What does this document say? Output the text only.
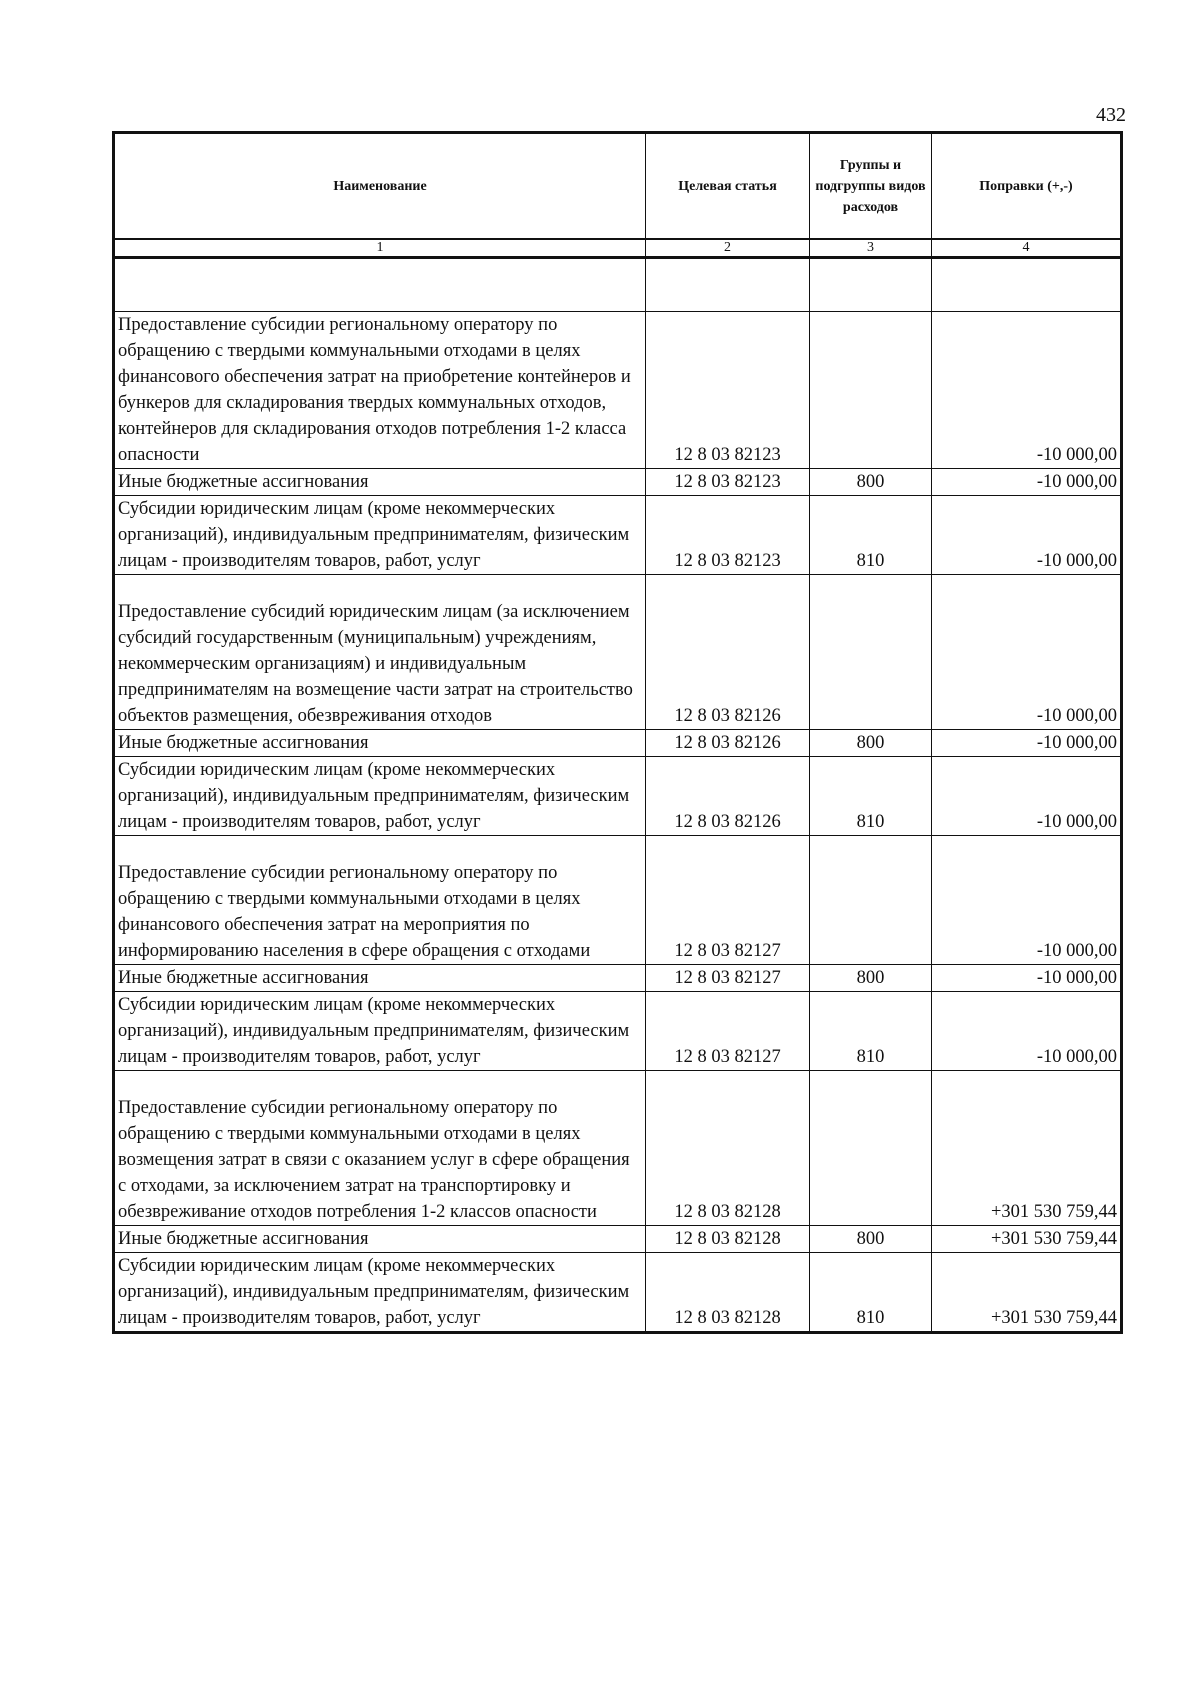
432
Наименование	Целевая статья	Группы и подгруппы видов расходов	Поправки (+,-)
1	2	3	4

Предоставление субсидии региональному оператору по обращению с твердыми коммунальными отходами в целях финансового обеспечения затрат на приобретение контейнеров и бункеров для складирования твердых коммунальных отходов, контейнеров для складирования отходов потребления 1-2 класса опасности	12 8 03 82123		-10 000,00
Иные бюджетные ассигнования	12 8 03 82123	800	-10 000,00
Субсидии юридическим лицам (кроме некоммерческих организаций), индивидуальным предпринимателям, физическим лицам - производителям товаров, работ, услуг	12 8 03 82123	810	-10 000,00
Предоставление субсидий юридическим лицам (за исключением субсидий государственным (муниципальным) учреждениям, некоммерческим организациям) и индивидуальным предпринимателям на возмещение части затрат на строительство объектов размещения, обезвреживания отходов	12 8 03 82126		-10 000,00
Иные бюджетные ассигнования	12 8 03 82126	800	-10 000,00
Субсидии юридическим лицам (кроме некоммерческих организаций), индивидуальным предпринимателям, физическим лицам - производителям товаров, работ, услуг	12 8 03 82126	810	-10 000,00
Предоставление субсидии региональному оператору по обращению с твердыми коммунальными отходами в целях финансового обеспечения затрат на мероприятия по информированию населения в сфере обращения с отходами	12 8 03 82127		-10 000,00
Иные бюджетные ассигнования	12 8 03 82127	800	-10 000,00
Субсидии юридическим лицам (кроме некоммерческих организаций), индивидуальным предпринимателям, физическим лицам - производителям товаров, работ, услуг	12 8 03 82127	810	-10 000,00
Предоставление субсидии региональному оператору по обращению с твердыми коммунальными отходами в целях возмещения затрат в связи с оказанием услуг в сфере обращения с отходами, за исключением затрат на транспортировку и обезвреживание отходов потребления 1-2 классов опасности	12 8 03 82128		+301 530 759,44
Иные бюджетные ассигнования	12 8 03 82128	800	+301 530 759,44
Субсидии юридическим лицам (кроме некоммерческих организаций), индивидуальным предпринимателям, физическим лицам - производителям товаров, работ, услуг	12 8 03 82128	810	+301 530 759,44
